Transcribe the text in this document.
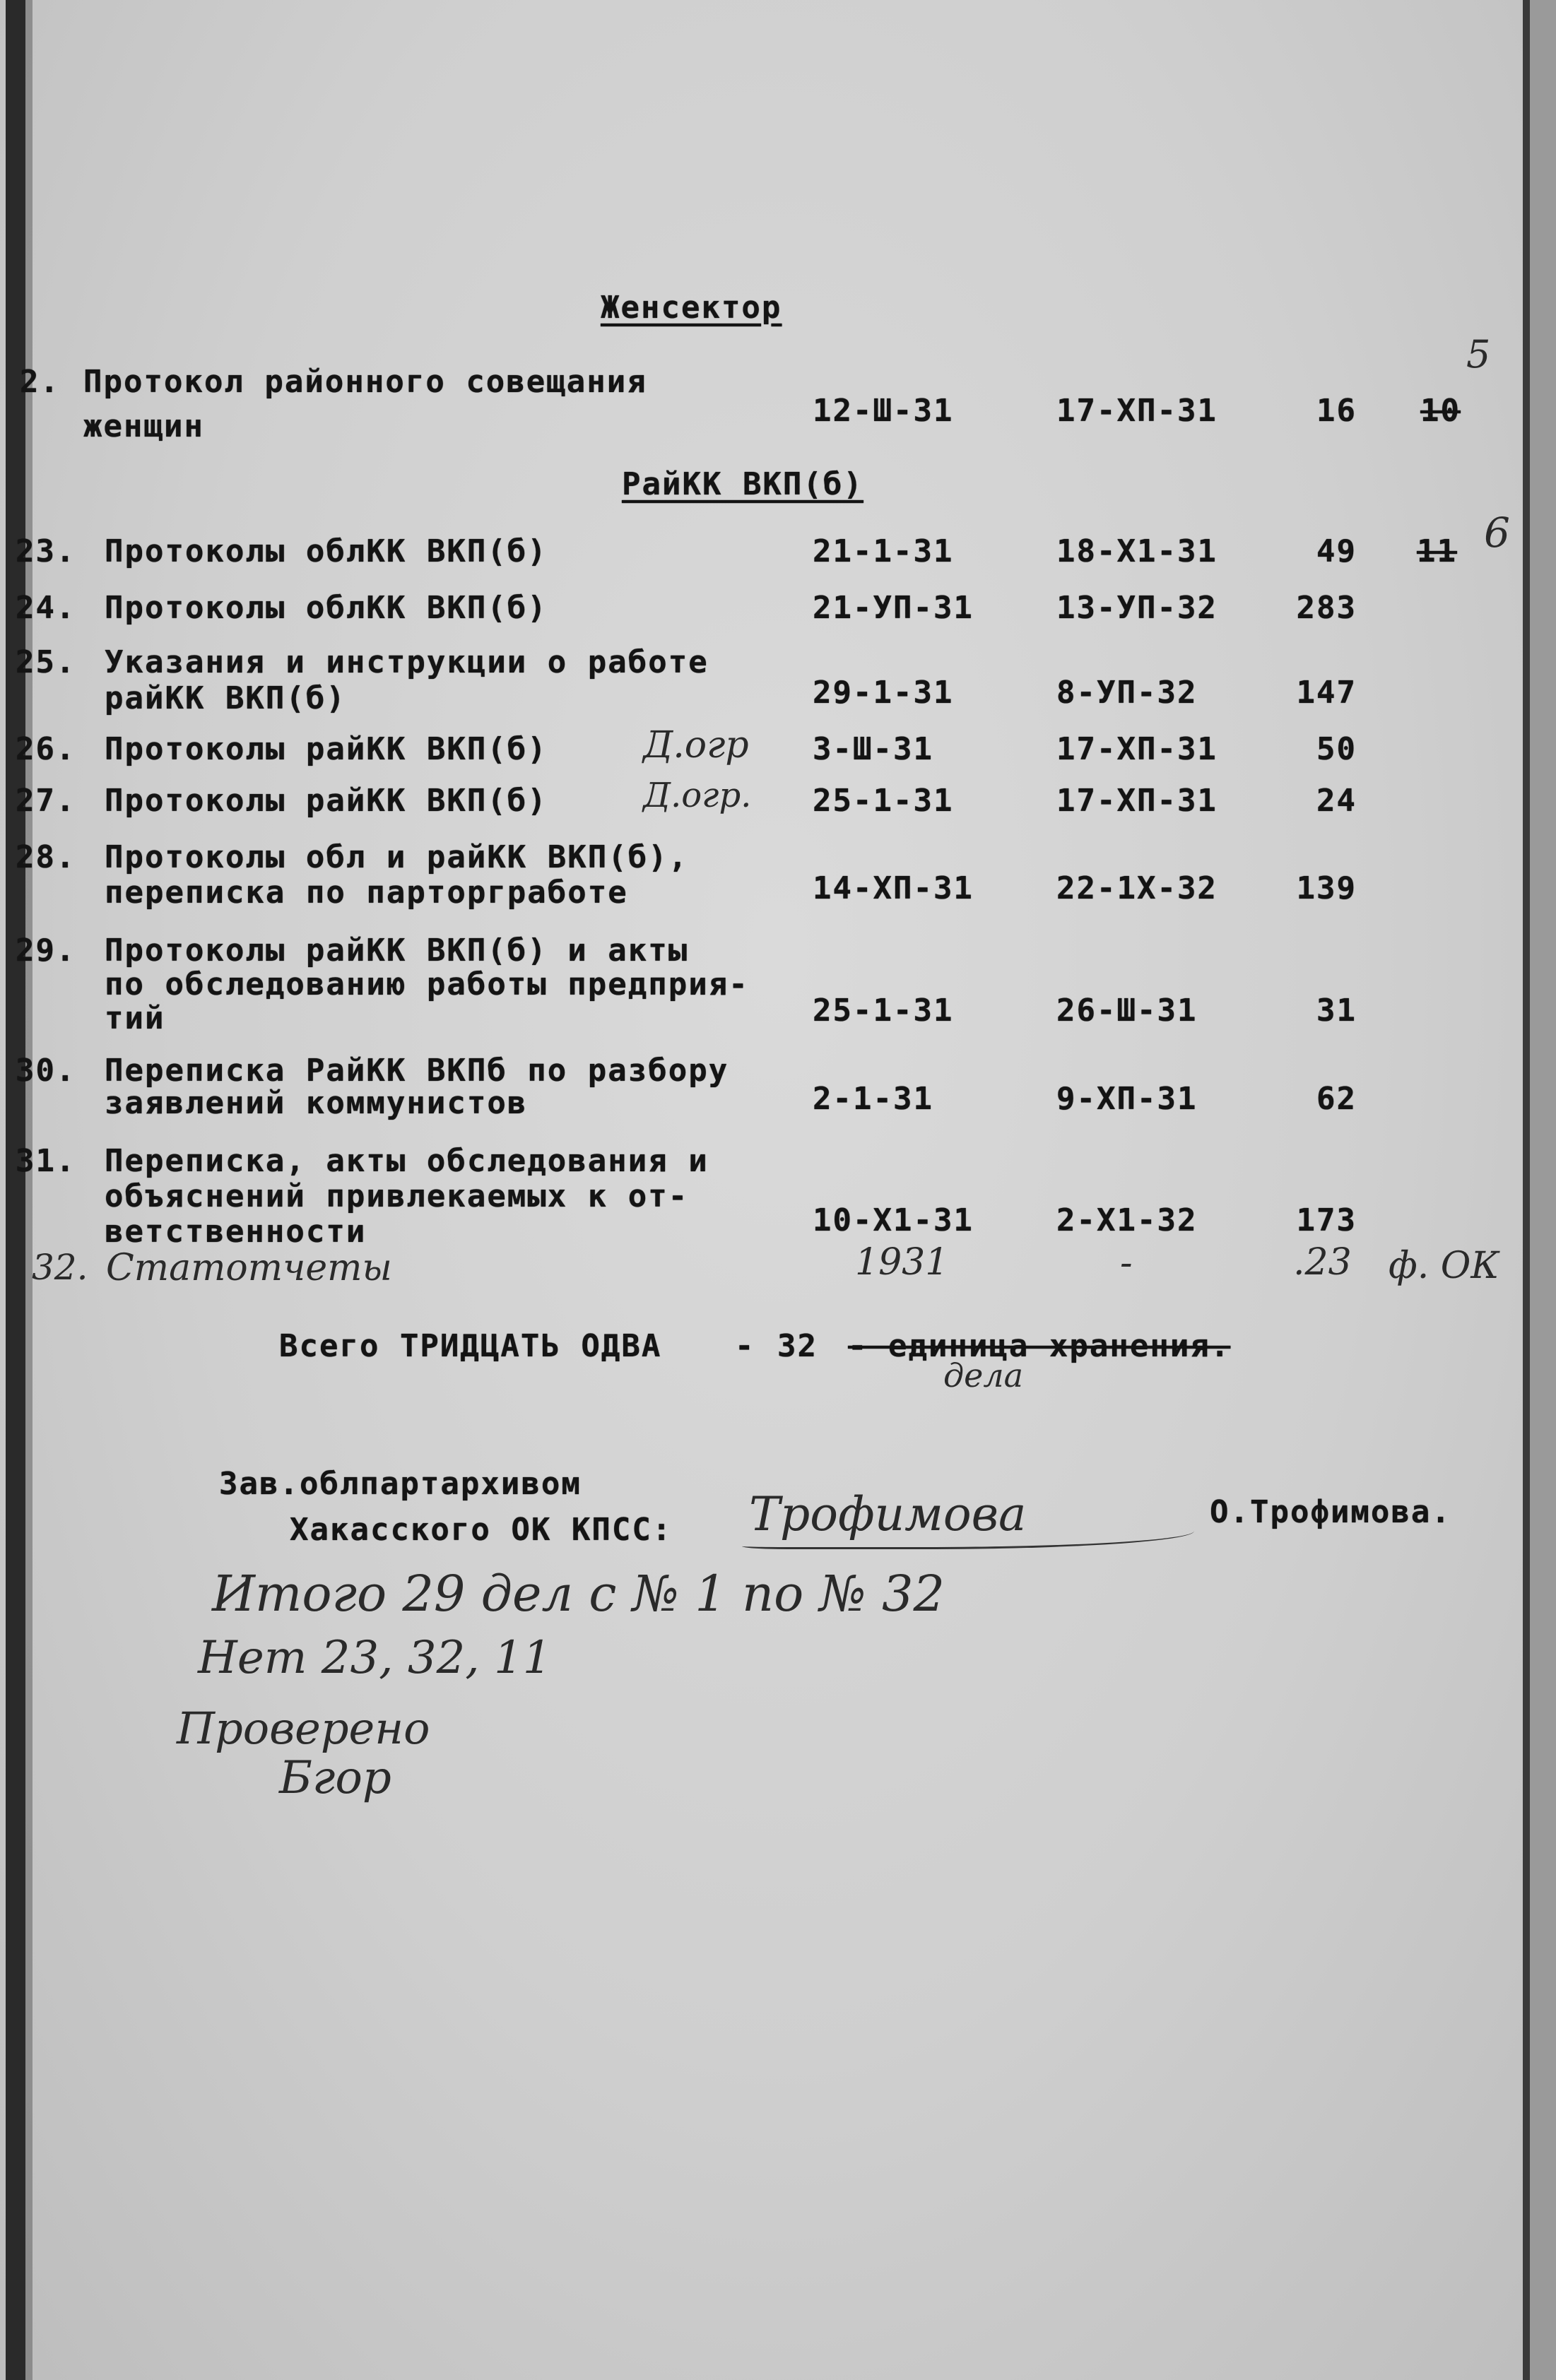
Женсектор
2. Протокол районного совещания
женщин	12-Ш-31	17-ХП-31	16 10
5
РайКК ВКП(б)
23. Протоколы облКК ВКП(б)	21-1-31	18-Х1-31	49 11 6
24. Протоколы облКК ВКП(б)	21-УП-31	13-УП-32	283
25. Указания и инструкции о работе
райКК ВКП(б)	29-1-31	8-УП-32	147
26. Протоколы райКК ВКП(б)	Д.огр 3-Ш-31	17-ХП-31	50
27. Протоколы райКК ВКП(б)	Д.огр. 25-1-31	17-ХП-31	24
28. Протоколы обл и райКК ВКП(б),
переписка по парторгработе	14-ХП-31	22-1Х-32	139
29. Протоколы райКК ВКП(б) и акты
по обследованию работы предприя-
тий	25-1-31	26-Ш-31	31
30. Переписка РайКК ВКПб по разбору
заявлений коммунистов	2-1-31	9-ХП-31	62
31. Переписка, акты обследования и
объяснений привлекаемых к от-
ветственности	10-Х1-31	2-Х1-32	173
32. Статотчеты	1931	-	.23 ф. ОК
Всего ТРИДЦАТЬ ОДВА - 32 - единица хранения.
дела
Зав.облпартархивом
Хакасского ОК КПСС: Трофимова	О.Трофимова.
Итого 29 дел с № 1 по № 32
Нет 23, 32, 11
Проверено
Бгор
